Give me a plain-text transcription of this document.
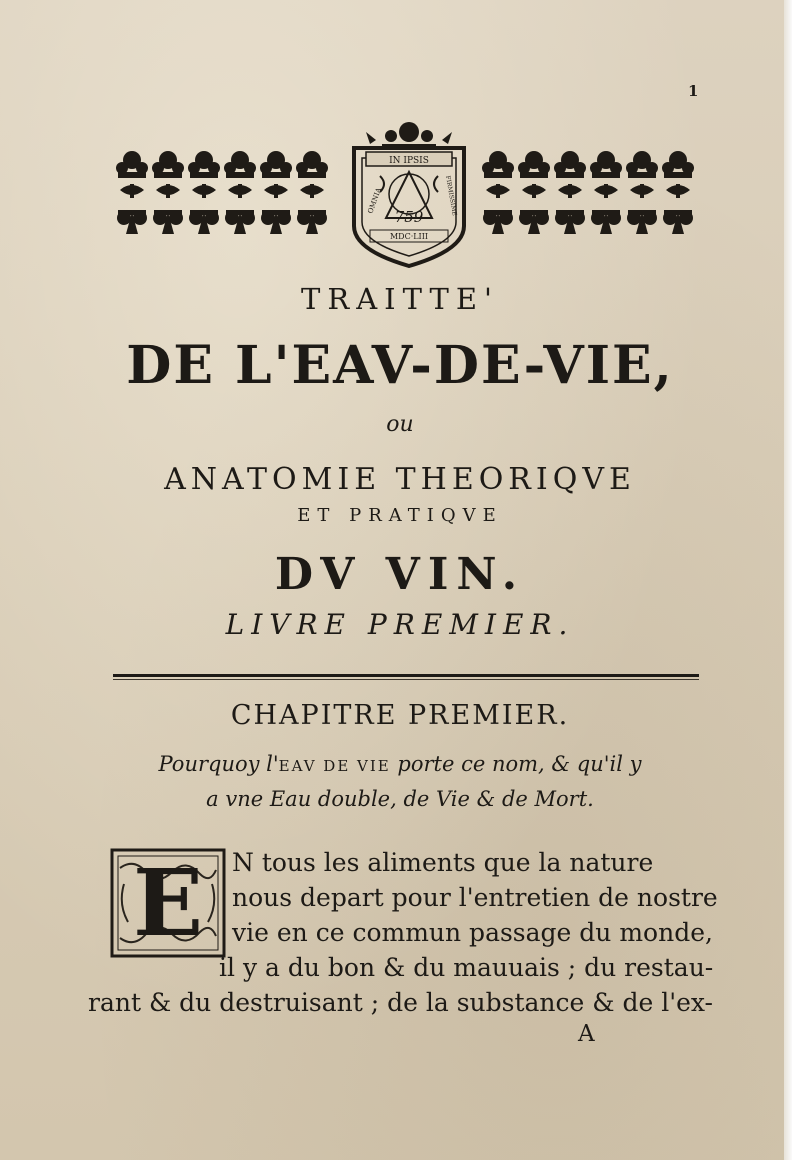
1
IN IPSIS
OMNIA	FIRMISSIME
759
MDC·LIII
TRAITTE'
DE L'EAV-DE-VIE,
ou
ANATOMIE THEORIQVE
ET PRATIQVE
DV VIN.
LIVRE PREMIER.
CHAPITRE PREMIER.
Pourquoy l'EAV DE VIE porte ce nom, & qu'il y
a vne Eau double, de Vie & de Mort.
E	N tous les aliments que la nature
nous depart pour l'entretien de nostre
vie en ce commun passage du monde,
il y a du bon & du mauuais ; du restau-
rant & du destruisant ; de la substance & de l'ex-
A
